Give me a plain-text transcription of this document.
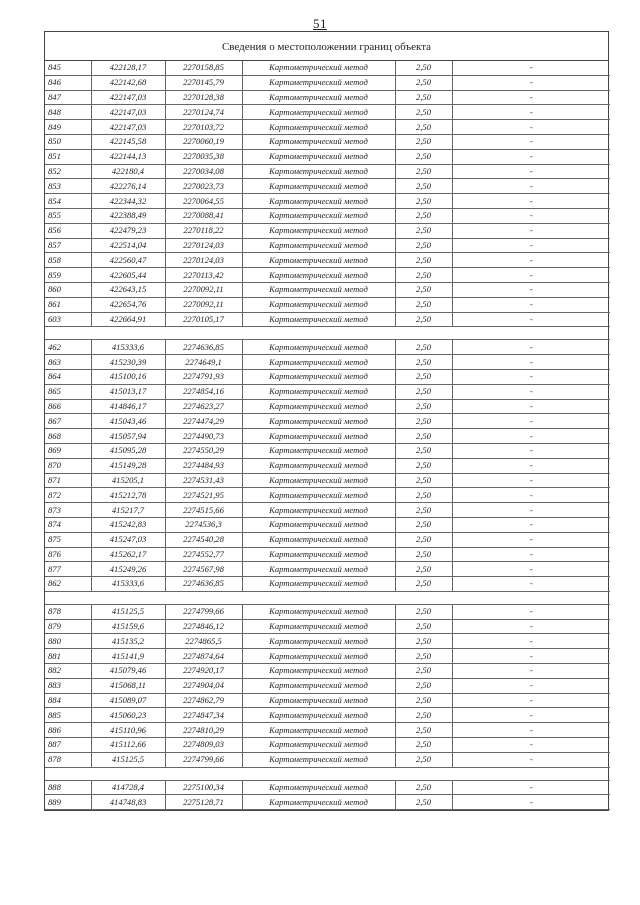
51
Сведения о местоположении границ объекта
845	422128,17	2270158,85	Картометрический метод	2,50	-
846	422142,68	2270145,79	Картометрический метод	2,50	-
847	422147,03	2270128,38	Картометрический метод	2,50	-
848	422147,03	2270124,74	Картометрический метод	2,50	-
849	422147,03	2270103,72	Картометрический метод	2,50	-
850	422145,58	2270060,19	Картометрический метод	2,50	-
851	422144,13	2270035,38	Картометрический метод	2,50	-
852	422180,4	2270034,08	Картометрический метод	2,50	-
853	422276,14	2270023,73	Картометрический метод	2,50	-
854	422344,32	2270064,55	Картометрический метод	2,50	-
855	422388,49	2270088,41	Картометрический метод	2,50	-
856	422479,23	2270118,22	Картометрический метод	2,50	-
857	422514,04	2270124,03	Картометрический метод	2,50	-
858	422560,47	2270124,03	Картометрический метод	2,50	-
859	422605,44	2270113,42	Картометрический метод	2,50	-
860	422643,15	2270092,11	Картометрический метод	2,50	-
861	422654,76	2270092,11	Картометрический метод	2,50	-
603	422664,91	2270105,17	Картометрический метод	2,50	-

462	415333,6	2274636,85	Картометрический метод	2,50	-
863	415230,39	2274649,1	Картометрический метод	2,50	-
864	415100,16	2274791,93	Картометрический метод	2,50	-
865	415013,17	2274854,16	Картометрический метод	2,50	-
866	414846,17	2274623,27	Картометрический метод	2,50	-
867	415043,46	2274474,29	Картометрический метод	2,50	-
868	415057,94	2274490,73	Картометрический метод	2,50	-
869	415095,28	2274550,29	Картометрический метод	2,50	-
870	415149,28	2274484,93	Картометрический метод	2,50	-
871	415205,1	2274531,43	Картометрический метод	2,50	-
872	415212,78	2274521,95	Картометрический метод	2,50	-
873	415217,7	2274515,66	Картометрический метод	2,50	-
874	415242,83	2274536,3	Картометрический метод	2,50	-
875	415247,03	2274540,28	Картометрический метод	2,50	-
876	415262,17	2274552,77	Картометрический метод	2,50	-
877	415249,26	2274567,98	Картометрический метод	2,50	-
862	415333,6	2274636,85	Картометрический метод	2,50	-

878	415125,5	2274799,66	Картометрический метод	2,50	-
879	415159,6	2274846,12	Картометрический метод	2,50	-
880	415135,2	2274865,5	Картометрический метод	2,50	-
881	415141,9	2274874,64	Картометрический метод	2,50	-
882	415079,46	2274920,17	Картометрический метод	2,50	-
883	415068,11	2274904,04	Картометрический метод	2,50	-
884	415089,07	2274862,79	Картометрический метод	2,50	-
885	415060,23	2274847,34	Картометрический метод	2,50	-
886	415110,96	2274810,29	Картометрический метод	2,50	-
887	415112,66	2274809,03	Картометрический метод	2,50	-
878	415125,5	2274799,66	Картометрический метод	2,50	-

888	414728,4	2275100,34	Картометрический метод	2,50	-
889	414748,83	2275128,71	Картометрический метод	2,50	-
